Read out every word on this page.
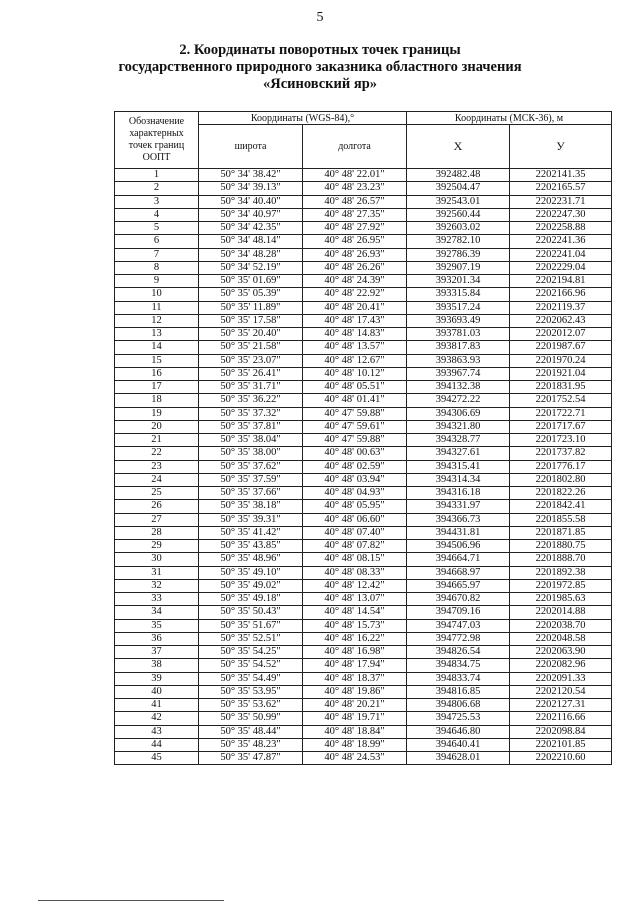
5
2. Координаты поворотных точек границы
государственного природного заказника областного значения
«Ясиновский яр»
Обозначение характерных точек границ ООПТ	Координаты (WGS-84),°		Координаты (МСК-36), м	
	широта	долгота	X	У
1	50° 34' 38.42"	40° 48' 22.01"	392482.48	2202141.35
2	50° 34' 39.13"	40° 48' 23.23"	392504.47	2202165.57
3	50° 34' 40.40"	40° 48' 26.57"	392543.01	2202231.71
4	50° 34' 40.97"	40° 48' 27.35"	392560.44	2202247.30
5	50° 34' 42.35"	40° 48' 27.92"	392603.02	2202258.88
6	50° 34' 48.14"	40° 48' 26.95"	392782.10	2202241.36
7	50° 34' 48.28"	40° 48' 26.93"	392786.39	2202241.04
8	50° 34' 52.19"	40° 48' 26.26"	392907.19	2202229.04
9	50° 35' 01.69"	40° 48' 24.39"	393201.34	2202194.81
10	50° 35' 05.39"	40° 48' 22.92"	393315.84	2202166.96
11	50° 35' 11.89"	40° 48' 20.41"	393517.24	2202119.37
12	50° 35' 17.58"	40° 48' 17.43"	393693.49	2202062.43
13	50° 35' 20.40"	40° 48' 14.83"	393781.03	2202012.07
14	50° 35' 21.58"	40° 48' 13.57"	393817.83	2201987.67
15	50° 35' 23.07"	40° 48' 12.67"	393863.93	2201970.24
16	50° 35' 26.41"	40° 48' 10.12"	393967.74	2201921.04
17	50° 35' 31.71"	40° 48' 05.51"	394132.38	2201831.95
18	50° 35' 36.22"	40° 48' 01.41"	394272.22	2201752.54
19	50° 35' 37.32"	40° 47' 59.88"	394306.69	2201722.71
20	50° 35' 37.81"	40° 47' 59.61"	394321.80	2201717.67
21	50° 35' 38.04"	40° 47' 59.88"	394328.77	2201723.10
22	50° 35' 38.00"	40° 48' 00.63"	394327.61	2201737.82
23	50° 35' 37.62"	40° 48' 02.59"	394315.41	2201776.17
24	50° 35' 37.59"	40° 48' 03.94"	394314.34	2201802.80
25	50° 35' 37.66"	40° 48' 04.93"	394316.18	2201822.26
26	50° 35' 38.18"	40° 48' 05.95"	394331.97	2201842.41
27	50° 35' 39.31"	40° 48' 06.60"	394366.73	2201855.58
28	50° 35' 41.42"	40° 48' 07.40"	394431.81	2201871.85
29	50° 35' 43.85"	40° 48' 07.82"	394506.96	2201880.75
30	50° 35' 48.96"	40° 48' 08.15"	394664.71	2201888.70
31	50° 35' 49.10"	40° 48' 08.33"	394668.97	2201892.38
32	50° 35' 49.02"	40° 48' 12.42"	394665.97	2201972.85
33	50° 35' 49.18"	40° 48' 13.07"	394670.82	2201985.63
34	50° 35' 50.43"	40° 48' 14.54"	394709.16	2202014.88
35	50° 35' 51.67"	40° 48' 15.73"	394747.03	2202038.70
36	50° 35' 52.51"	40° 48' 16.22"	394772.98	2202048.58
37	50° 35' 54.25"	40° 48' 16.98"	394826.54	2202063.90
38	50° 35' 54.52"	40° 48' 17.94"	394834.75	2202082.96
39	50° 35' 54.49"	40° 48' 18.37"	394833.74	2202091.33
40	50° 35' 53.95"	40° 48' 19.86"	394816.85	2202120.54
41	50° 35' 53.62"	40° 48' 20.21"	394806.68	2202127.31
42	50° 35' 50.99"	40° 48' 19.71"	394725.53	2202116.66
43	50° 35' 48.44"	40° 48' 18.84"	394646.80	2202098.84
44	50° 35' 48.23"	40° 48' 18.99"	394640.41	2202101.85
45	50° 35' 47.87"	40° 48' 24.53"	394628.01	2202210.60
